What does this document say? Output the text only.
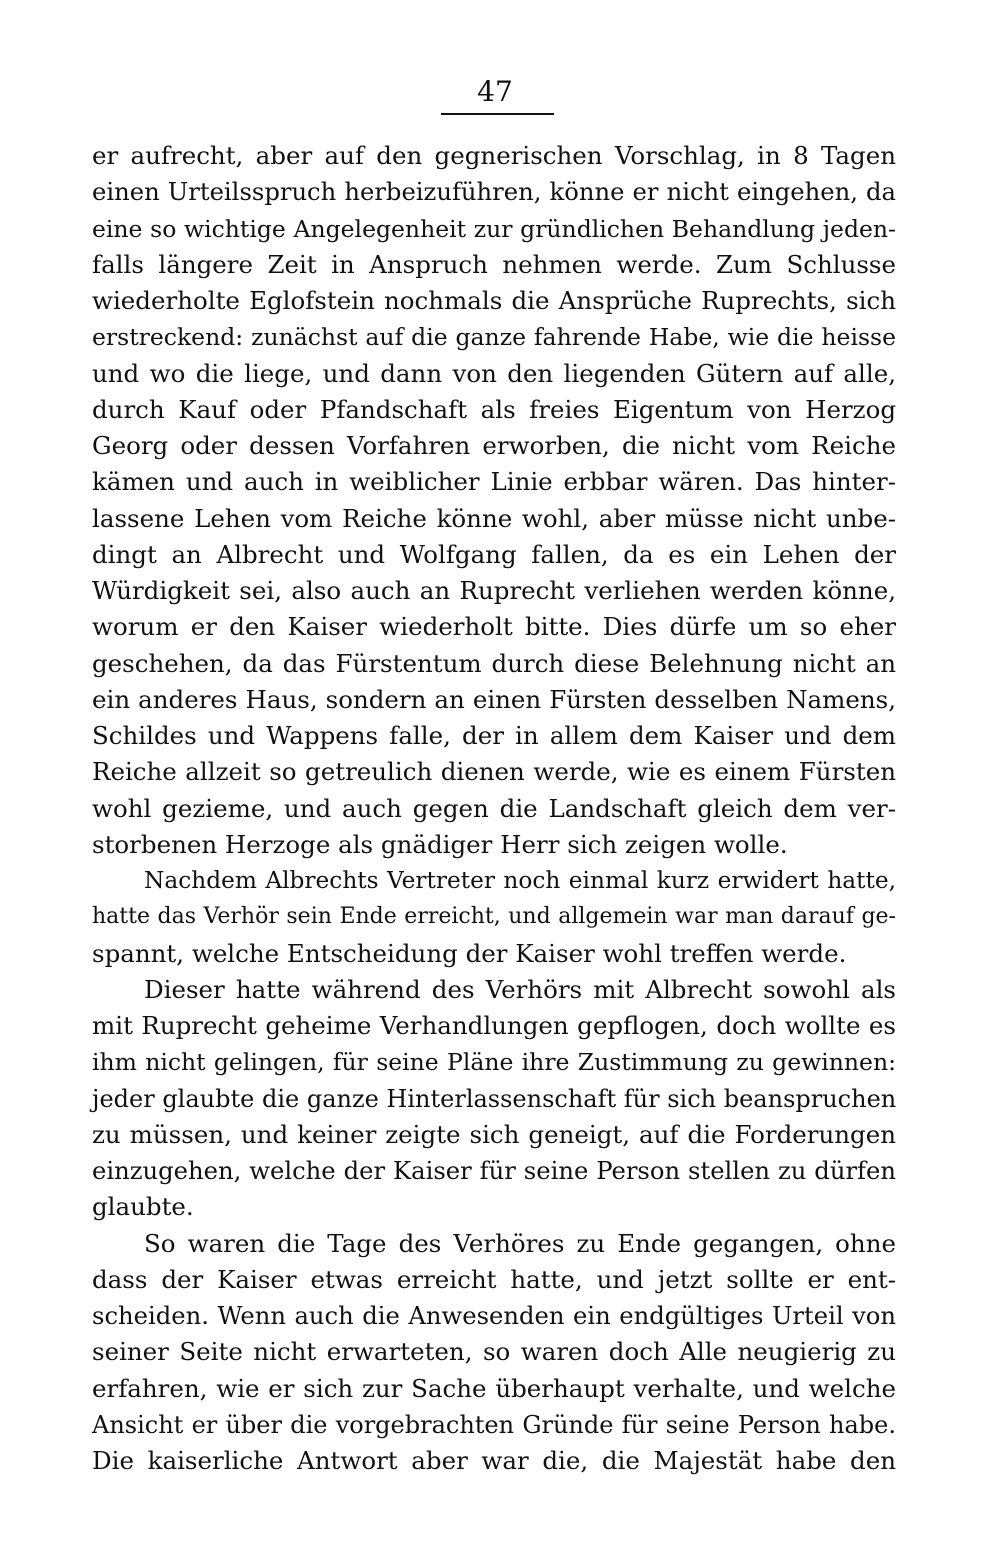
47
er aufrecht, aber auf den gegnerischen Vorschlag, in 8 Tagen
einen Urteilsspruch herbeizuführen, könne er nicht eingehen, da
eine so wichtige Angelegenheit zur gründlichen Behandlung jeden-
falls längere Zeit in Anspruch nehmen werde. Zum Schlusse
wiederholte Eglofstein nochmals die Ansprüche Ruprechts, sich
erstreckend: zunächst auf die ganze fahrende Habe, wie die heisse
und wo die liege, und dann von den liegenden Gütern auf alle,
durch Kauf oder Pfandschaft als freies Eigentum von Herzog
Georg oder dessen Vorfahren erworben, die nicht vom Reiche
kämen und auch in weiblicher Linie erbbar wären. Das hinter-
lassene Lehen vom Reiche könne wohl, aber müsse nicht unbe-
dingt an Albrecht und Wolfgang fallen, da es ein Lehen der
Würdigkeit sei, also auch an Ruprecht verliehen werden könne,
worum er den Kaiser wiederholt bitte. Dies dürfe um so eher
geschehen, da das Fürstentum durch diese Belehnung nicht an
ein anderes Haus, sondern an einen Fürsten desselben Namens,
Schildes und Wappens falle, der in allem dem Kaiser und dem
Reiche allzeit so getreulich dienen werde, wie es einem Fürsten
wohl gezieme, und auch gegen die Landschaft gleich dem ver-
storbenen Herzoge als gnädiger Herr sich zeigen wolle.
Nachdem Albrechts Vertreter noch einmal kurz erwidert hatte,
hatte das Verhör sein Ende erreicht, und allgemein war man darauf ge-
spannt, welche Entscheidung der Kaiser wohl treffen werde.
Dieser hatte während des Verhörs mit Albrecht sowohl als
mit Ruprecht geheime Verhandlungen gepflogen, doch wollte es
ihm nicht gelingen, für seine Pläne ihre Zustimmung zu gewinnen:
jeder glaubte die ganze Hinterlassenschaft für sich beanspruchen
zu müssen, und keiner zeigte sich geneigt, auf die Forderungen
einzugehen, welche der Kaiser für seine Person stellen zu dürfen
glaubte.
So waren die Tage des Verhöres zu Ende gegangen, ohne
dass der Kaiser etwas erreicht hatte, und jetzt sollte er ent-
scheiden. Wenn auch die Anwesenden ein endgültiges Urteil von
seiner Seite nicht erwarteten, so waren doch Alle neugierig zu
erfahren, wie er sich zur Sache überhaupt verhalte, und welche
Ansicht er über die vorgebrachten Gründe für seine Person habe.
Die kaiserliche Antwort aber war die, die Majestät habe den
